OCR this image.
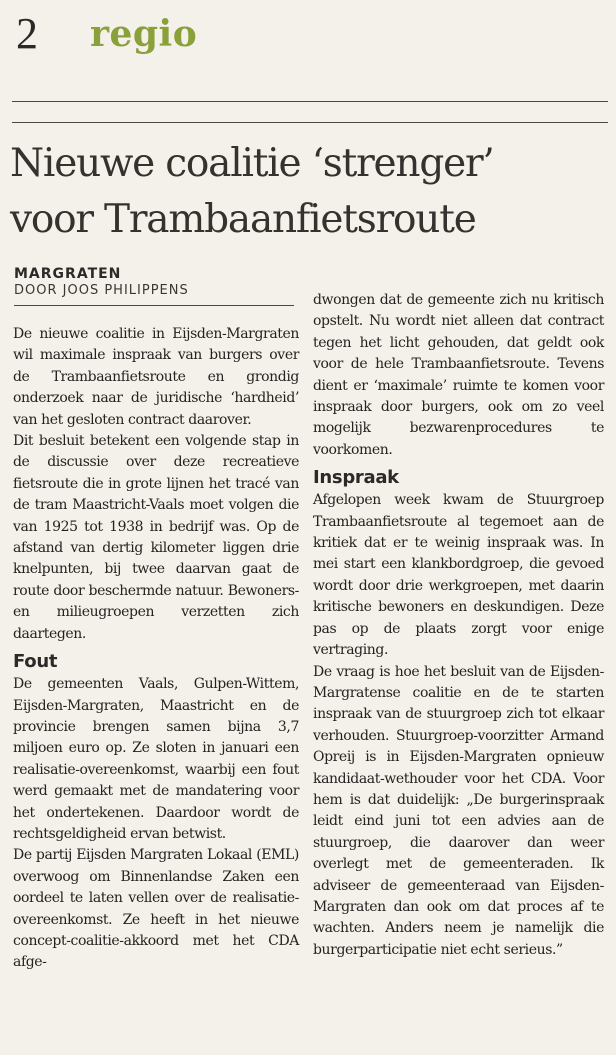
2 regio
Nieuwe coalitie ‘strenger’
voor Trambaanfietsroute
MARGRATEN
DOOR JOOS PHILIPPENS

De nieuwe coalitie in Eijsden-Margraten wil maximale inspraak van burgers over de Trambaanfietsroute en grondig onderzoek naar de juridische ‘hardheid’ van het gesloten contract daarover.

Dit besluit betekent een volgende stap in de discussie over deze recreatieve fietsroute die in grote lijnen het tracé van de tram Maastricht-Vaals moet volgen die van 1925 tot 1938 in bedrijf was. Op de afstand van dertig kilometer liggen drie knelpunten, bij twee daarvan gaat de route door beschermde natuur. Bewoners- en milieugroepen verzetten zich daartegen.

Fout

De gemeenten Vaals, Gulpen-Wittem, Eijsden-Margraten, Maastricht en de provincie brengen samen bijna 3,7 miljoen euro op. Ze sloten in januari een realisatie-overeenkomst, waarbij een fout werd gemaakt met de mandatering voor het ondertekenen. Daardoor wordt de rechtsgeldigheid ervan betwist.

De partij Eijsden Margraten Lokaal (EML) overwoog om Binnenlandse Zaken een oordeel te laten vellen over de realisatie-overeenkomst. Ze heeft in het nieuwe concept-coalitie-akkoord met het CDA afge-

dwongen dat de gemeente zich nu kritisch opstelt. Nu wordt niet alleen dat contract tegen het licht gehouden, dat geldt ook voor de hele Trambaanfietsroute. Tevens dient er ‘maximale’ ruimte te komen voor inspraak door burgers, ook om zo veel mogelijk bezwarenprocedures te voorkomen.

Inspraak

Afgelopen week kwam de Stuurgroep Trambaanfietsroute al tegemoet aan de kritiek dat er te weinig inspraak was. In mei start een klankbordgroep, die gevoed wordt door drie werkgroepen, met daarin kritische bewoners en deskundigen. Deze pas op de plaats zorgt voor enige vertraging.

De vraag is hoe het besluit van de Eijsden-Margratense coalitie en de te starten inspraak van de stuurgroep zich tot elkaar verhouden. Stuurgroep-voorzitter Armand Opreij is in Eijsden-Margraten opnieuw kandidaat-wethouder voor het CDA. Voor hem is dat duidelijk: „De burgerinspraak leidt eind juni tot een advies aan de stuurgroep, die daarover dan weer overlegt met de gemeenteraden. Ik adviseer de gemeenteraad van Eijsden-Margraten dan ook om dat proces af te wachten. Anders neem je namelijk die burgerparticipatie niet echt serieus.”
